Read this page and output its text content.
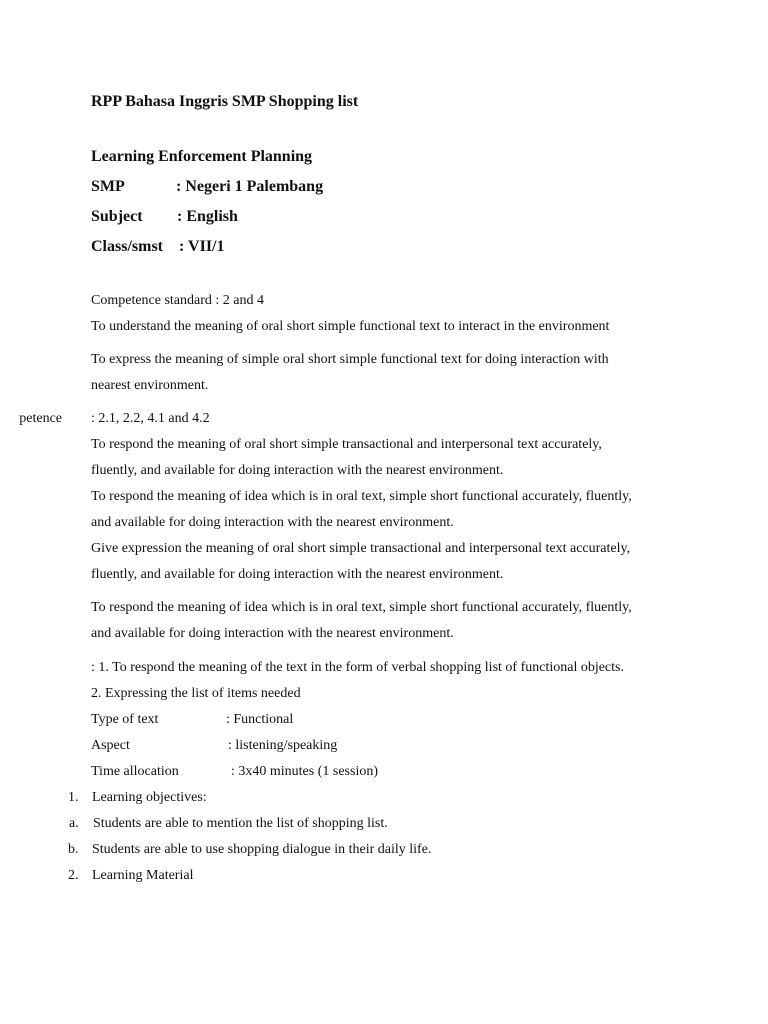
RPP Bahasa Inggris SMP Shopping list
Learning Enforcement Planning
SMP	: Negeri 1 Palembang
Subject : English
Class/smst : VII/1
Competence standard : 2 and 4
To understand the meaning of oral short simple functional text to interact in the environment
To express the meaning of simple oral short simple functional text for doing interaction with
nearest environment.
petence : 2.1, 2.2, 4.1 and 4.2
To respond the meaning of oral short simple transactional and interpersonal text accurately,
fluently, and available for doing interaction with the nearest environment.
To respond the meaning of idea which is in oral text, simple short functional accurately, fluently,
and available for doing interaction with the nearest environment.
Give expression the meaning of oral short simple transactional and interpersonal text accurately,
fluently, and available for doing interaction with the nearest environment.
To respond the meaning of idea which is in oral text, simple short functional accurately, fluently,
and available for doing interaction with the nearest environment.
: 1. To respond the meaning of the text in the form of verbal shopping list of functional objects.
2. Expressing the list of items needed
Type of text	: Functional
Aspect	: listening/speaking
Time allocation	: 3x40 minutes (1 session)
1. Learning objectives:
a. Students are able to mention the list of shopping list.
b. Students are able to use shopping dialogue in their daily life.
2. Learning Material
